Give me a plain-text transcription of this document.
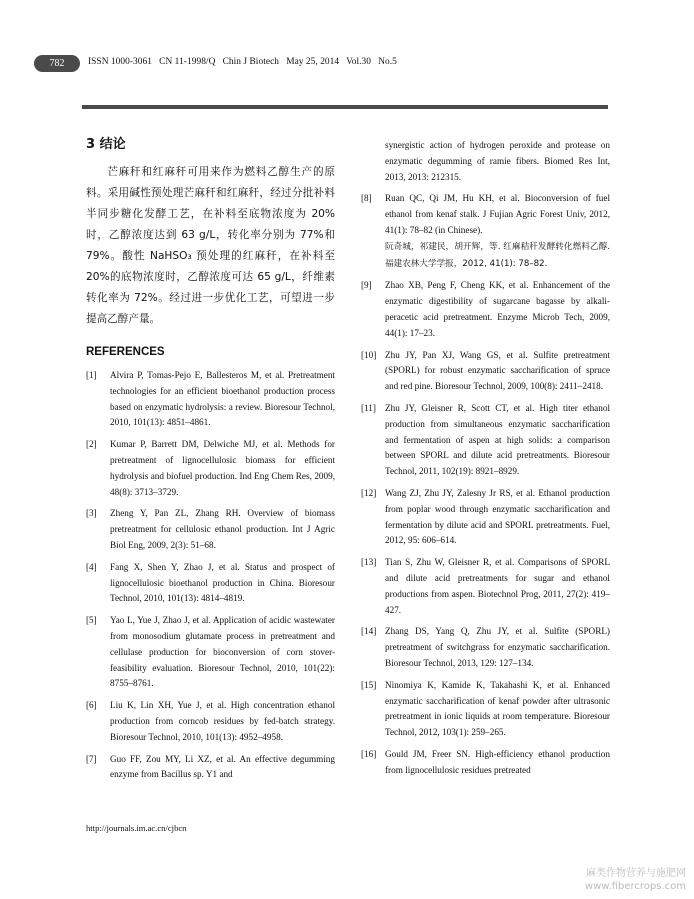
782	ISSN 1000-3061   CN 11-1998/Q   Chin J Biotech   May 25, 2014   Vol.30   No.5
3 结论

芒麻秆和红麻秆可用来作为燃料乙醇生产的原料。采用碱性预处理芒麻秆和红麻秆，经过分批补料半同步糖化发酵工艺，在补料至底物浓度为 20%时，乙醇浓度达到 63 g/L，转化率分别为 77%和 79%。酸性 NaHSO₃ 预处理的红麻秆，在补料至 20%的底物浓度时，乙醇浓度可达 65 g/L，纤维素转化率为 72%。经过进一步优化工艺，可望进一步提高乙醇产量。

REFERENCES
[1]	Alvira P, Tomas-Pejo E, Ballesteros M, et al. Pretreatment technologies for an efficient bioethanol production process based on enzymatic hydrolysis: a review. Bioresour Technol, 2010, 101(13): 4851–4861.
[2]	Kumar P, Barrett DM, Delwiche MJ, et al. Methods for pretreatment of lignocellulosic biomass for efficient hydrolysis and biofuel production. Ind Eng Chem Res, 2009, 48(8): 3713–3729.
[3]	Zheng Y, Pan ZL, Zhang RH. Overview of biomass pretreatment for cellulosic ethanol production. Int J Agric Biol Eng, 2009, 2(3): 51–68.
[4]	Fang X, Shen Y, Zhao J, et al. Status and prospect of lignocellulosic bioethanol production in China. Bioresour Technol, 2010, 101(13): 4814–4819.
[5]	Yao L, Yue J, Zhao J, et al. Application of acidic wastewater from monosodium glutamate process in pretreatment and cellulase production for bioconversion of corn stover-feasibility evaluation. Bioresour Technol, 2010, 101(22): 8755–8761.
[6]	Liu K, Lin XH, Yue J, et al. High concentration ethanol production from corncob residues by fed-batch strategy. Bioresour Technol, 2010, 101(13): 4952–4958.
[7]	Guo FF, Zou MY, Li XZ, et al. An effective degumming enzyme from Bacillus sp. Y1 and
synergistic action of hydrogen peroxide and protease on enzymatic degumming of ramie fibers. Biomed Res Int, 2013, 2013: 212315.
[8]	Ruan QC, Qi JM, Hu KH, et al. Bioconversion of fuel ethanol from kenaf stalk. J Fujian Agric Forest Univ, 2012, 41(1): 78–82 (in Chinese).
阮奇城，祁建民，胡开辉，等. 红麻秸秆发酵转化燃料乙醇. 福建农林大学学报，2012, 41(1): 78–82.
[9]	Zhao XB, Peng F, Cheng KK, et al. Enhancement of the enzymatic digestibility of sugarcane bagasse by alkali-peracetic acid pretreatment. Enzyme Microb Tech, 2009, 44(1): 17–23.
[10] Zhu JY, Pan XJ, Wang GS, et al. Sulfite pretreatment (SPORL) for robust enzymatic saccharification of spruce and red pine. Bioresour Technol, 2009, 100(8): 2411–2418.
[11] Zhu JY, Gleisner R, Scott CT, et al. High titer ethanol production from simultaneous enzymatic saccharification and fermentation of aspen at high solids: a comparison between SPORL and dilute acid pretreatments. Bioresour Technol, 2011, 102(19): 8921–8929.
[12] Wang ZJ, Zhu JY, Zalesny Jr RS, et al. Ethanol production from poplar wood through enzymatic saccharification and fermentation by dilute acid and SPORL pretreatments. Fuel, 2012, 95: 606–614.
[13] Tian S, Zhu W, Gleisner R, et al. Comparisons of SPORL and dilute acid pretreatments for sugar and ethanol productions from aspen. Biotechnol Prog, 2011, 27(2): 419–427.
[14] Zhang DS, Yang Q, Zhu JY, et al. Sulfite (SPORL) pretreatment of switchgrass for enzymatic saccharification. Bioresour Technol, 2013, 129: 127–134.
[15] Ninomiya K, Kamide K, Takahashi K, et al. Enhanced enzymatic saccharification of kenaf powder after ultrasonic pretreatment in ionic liquids at room temperature. Bioresour Technol, 2012, 103(1): 259–265.
[16] Gould JM, Freer SN. High-efficiency ethanol production from lignocellulosic residues pretreated
http://journals.im.ac.cn/cjbcn
麻类作物营养与施肥网
www.fibercrops.com
